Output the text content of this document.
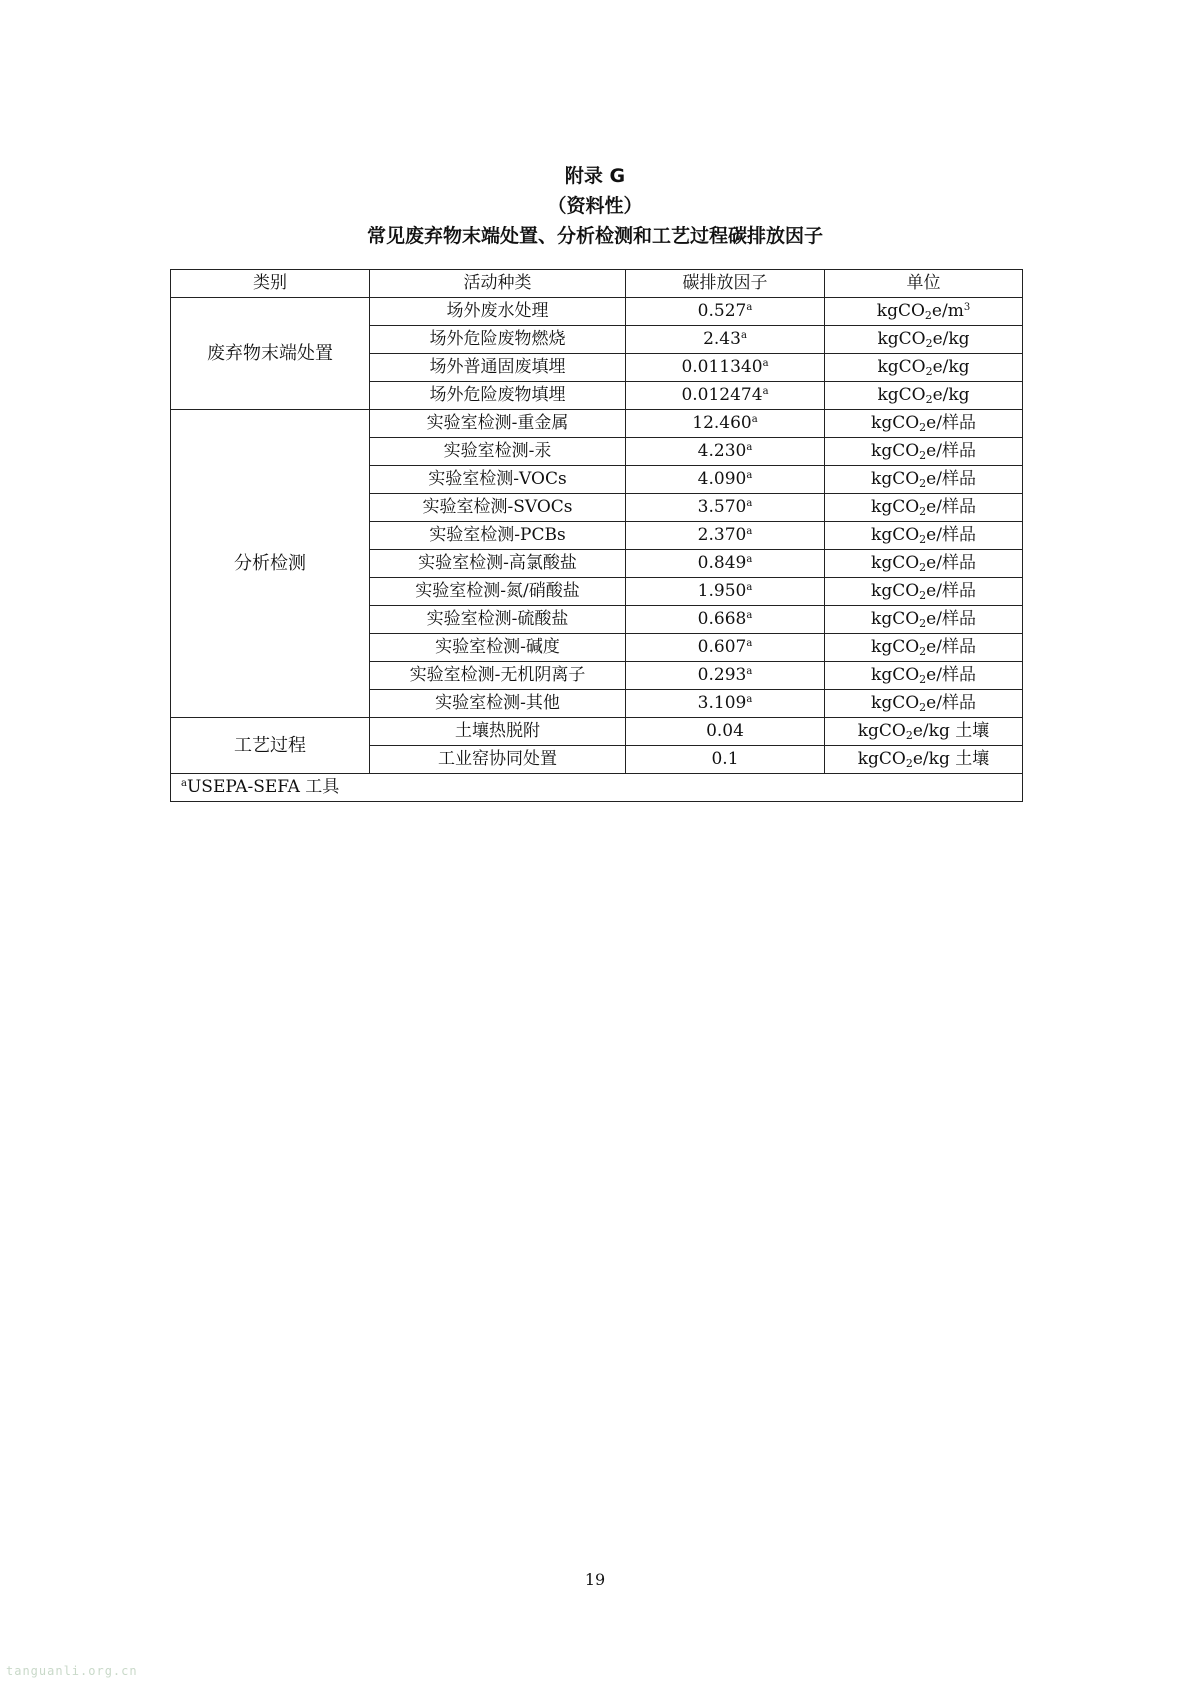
附录 G
（资料性）
常见废弃物末端处置、分析检测和工艺过程碳排放因子
类别	活动种类	碳排放因子	单位
废弃物末端处置	场外废水处理	0.527$^a$	$kgCO_2e/m^3$
	场外危险废物燃烧	2.43$^a$	kgCO$_2$e/kg
	场外普通固废填埋	0.011340$^a$	kgCO$_2$e/kg
	场外危险废物填埋	0.012474$^a$	kgCO$_2$e/kg
分析检测	实验室检测-重金属	12.460$^a$	kgCO$_2$e/样品
	实验室检测-汞	4.230$^a$	kgCO$_2$e/样品
	实验室检测-VOCs	4.090$^a$	kgCO$_2$e/样品
	实验室检测-SVOCs	3.570$^a$	kgCO$_2$e/样品
	实验室检测-PCBs	2.370$^a$	kgCO$_2$e/样品
	实验室检测-高氯酸盐	0.849$^a$	kgCO$_2$e/样品
	实验室检测-氮/硝酸盐	1.950$^a$	kgCO$_2$e/样品
	实验室检测-硫酸盐	0.668$^a$	kgCO$_2$e/样品
	实验室检测-碱度	0.607$^a$	kgCO$_2$e/样品
	实验室检测-无机阴离子	0.293$^a$	kgCO$_2$e/样品
	实验室检测-其他	3.109$^a$	kgCO$_2$e/样品
工艺过程	土壤热脱附	0.04	kgCO$_2$e/kg 土壤
	工业窑协同处置	0.1	kgCO$_2$e/kg 土壤
$^a$USEPA-SEFA 工具			
19
tanguanli.org.cn
